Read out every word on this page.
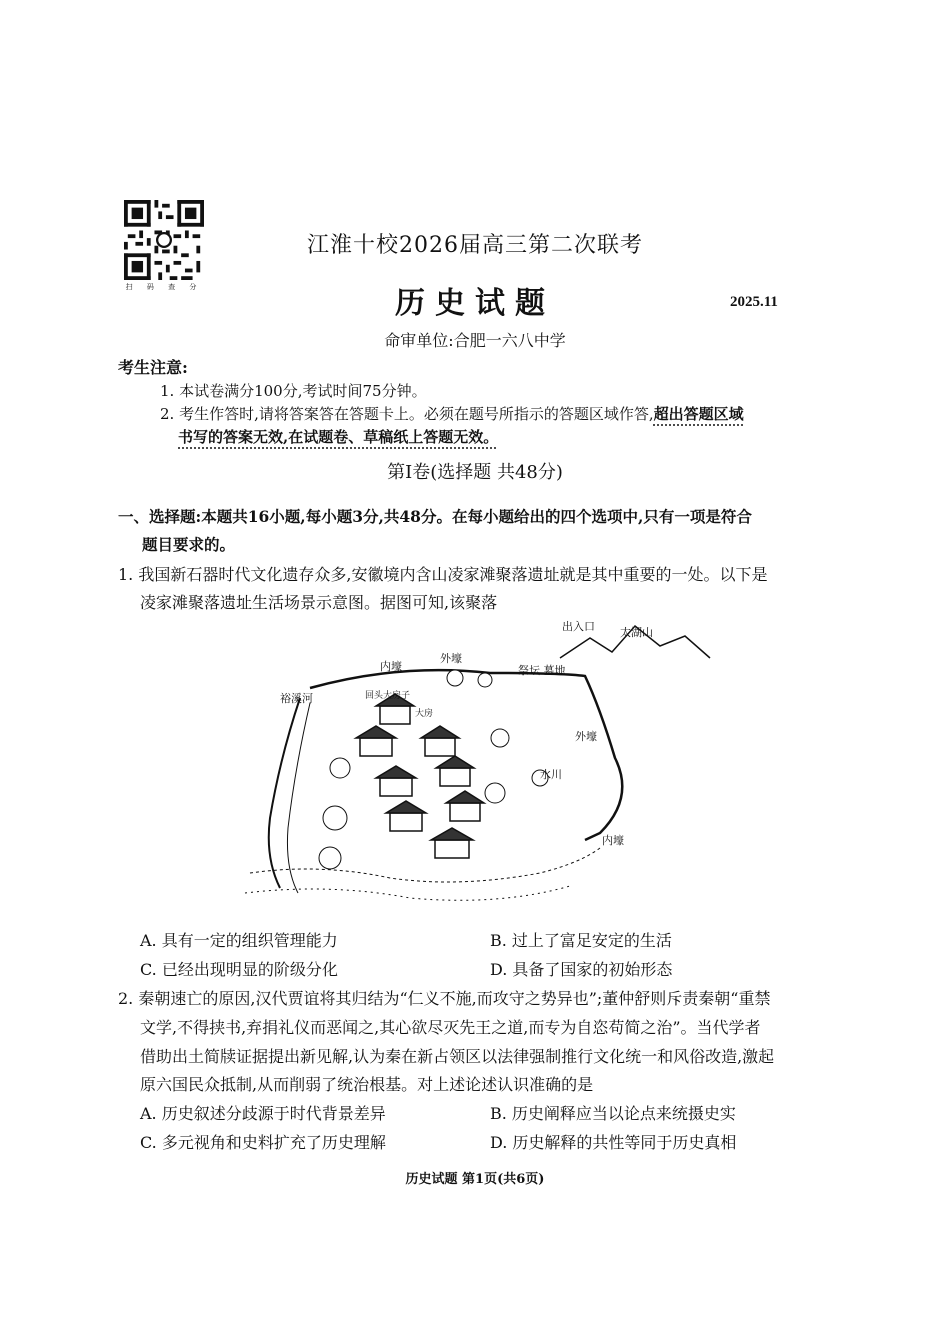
扫 码 查 分
江淮十校2026届高三第二次联考
历史试题	2025.11
命审单位:合肥一六八中学
考生注意:
1. 本试卷满分100分,考试时间75分钟。
2. 考生作答时,请将答案答在答题卡上。必须在题号所指示的答题区域作答,超出答题区域
书写的答案无效,在试题卷、草稿纸上答题无效。
第Ⅰ卷(选择题 共48分)
一、选择题:本题共16小题,每小题3分,共48分。在每小题给出的四个选项中,只有一项是符合
题目要求的。
1. 我国新石器时代文化遗存众多,安徽境内含山凌家滩聚落遗址就是其中重要的一处。以下是
凌家滩聚落遗址生活场景示意图。据图可知,该聚落
内壕
外壕
出入口 太湖山
祭坛 墓地
裕溪河	回头大房子
大房
外壕
水川
内壕
A. 具有一定的组织管理能力	B. 过上了富足安定的生活
C. 已经出现明显的阶级分化	D. 具备了国家的初始形态
2. 秦朝速亡的原因,汉代贾谊将其归结为“仁义不施,而攻守之势异也”;董仲舒则斥责秦朝“重禁
文学,不得挟书,弃捐礼仪而恶闻之,其心欲尽灭先王之道,而专为自恣苟简之治”。当代学者
借助出土简牍证据提出新见解,认为秦在新占领区以法律强制推行文化统一和风俗改造,激起
原六国民众抵制,从而削弱了统治根基。对上述论述认识准确的是
A. 历史叙述分歧源于时代背景差异	B. 历史阐释应当以论点来统摄史实
C. 多元视角和史料扩充了历史理解	D. 历史解释的共性等同于历史真相
历史试题 第1页(共6页)
